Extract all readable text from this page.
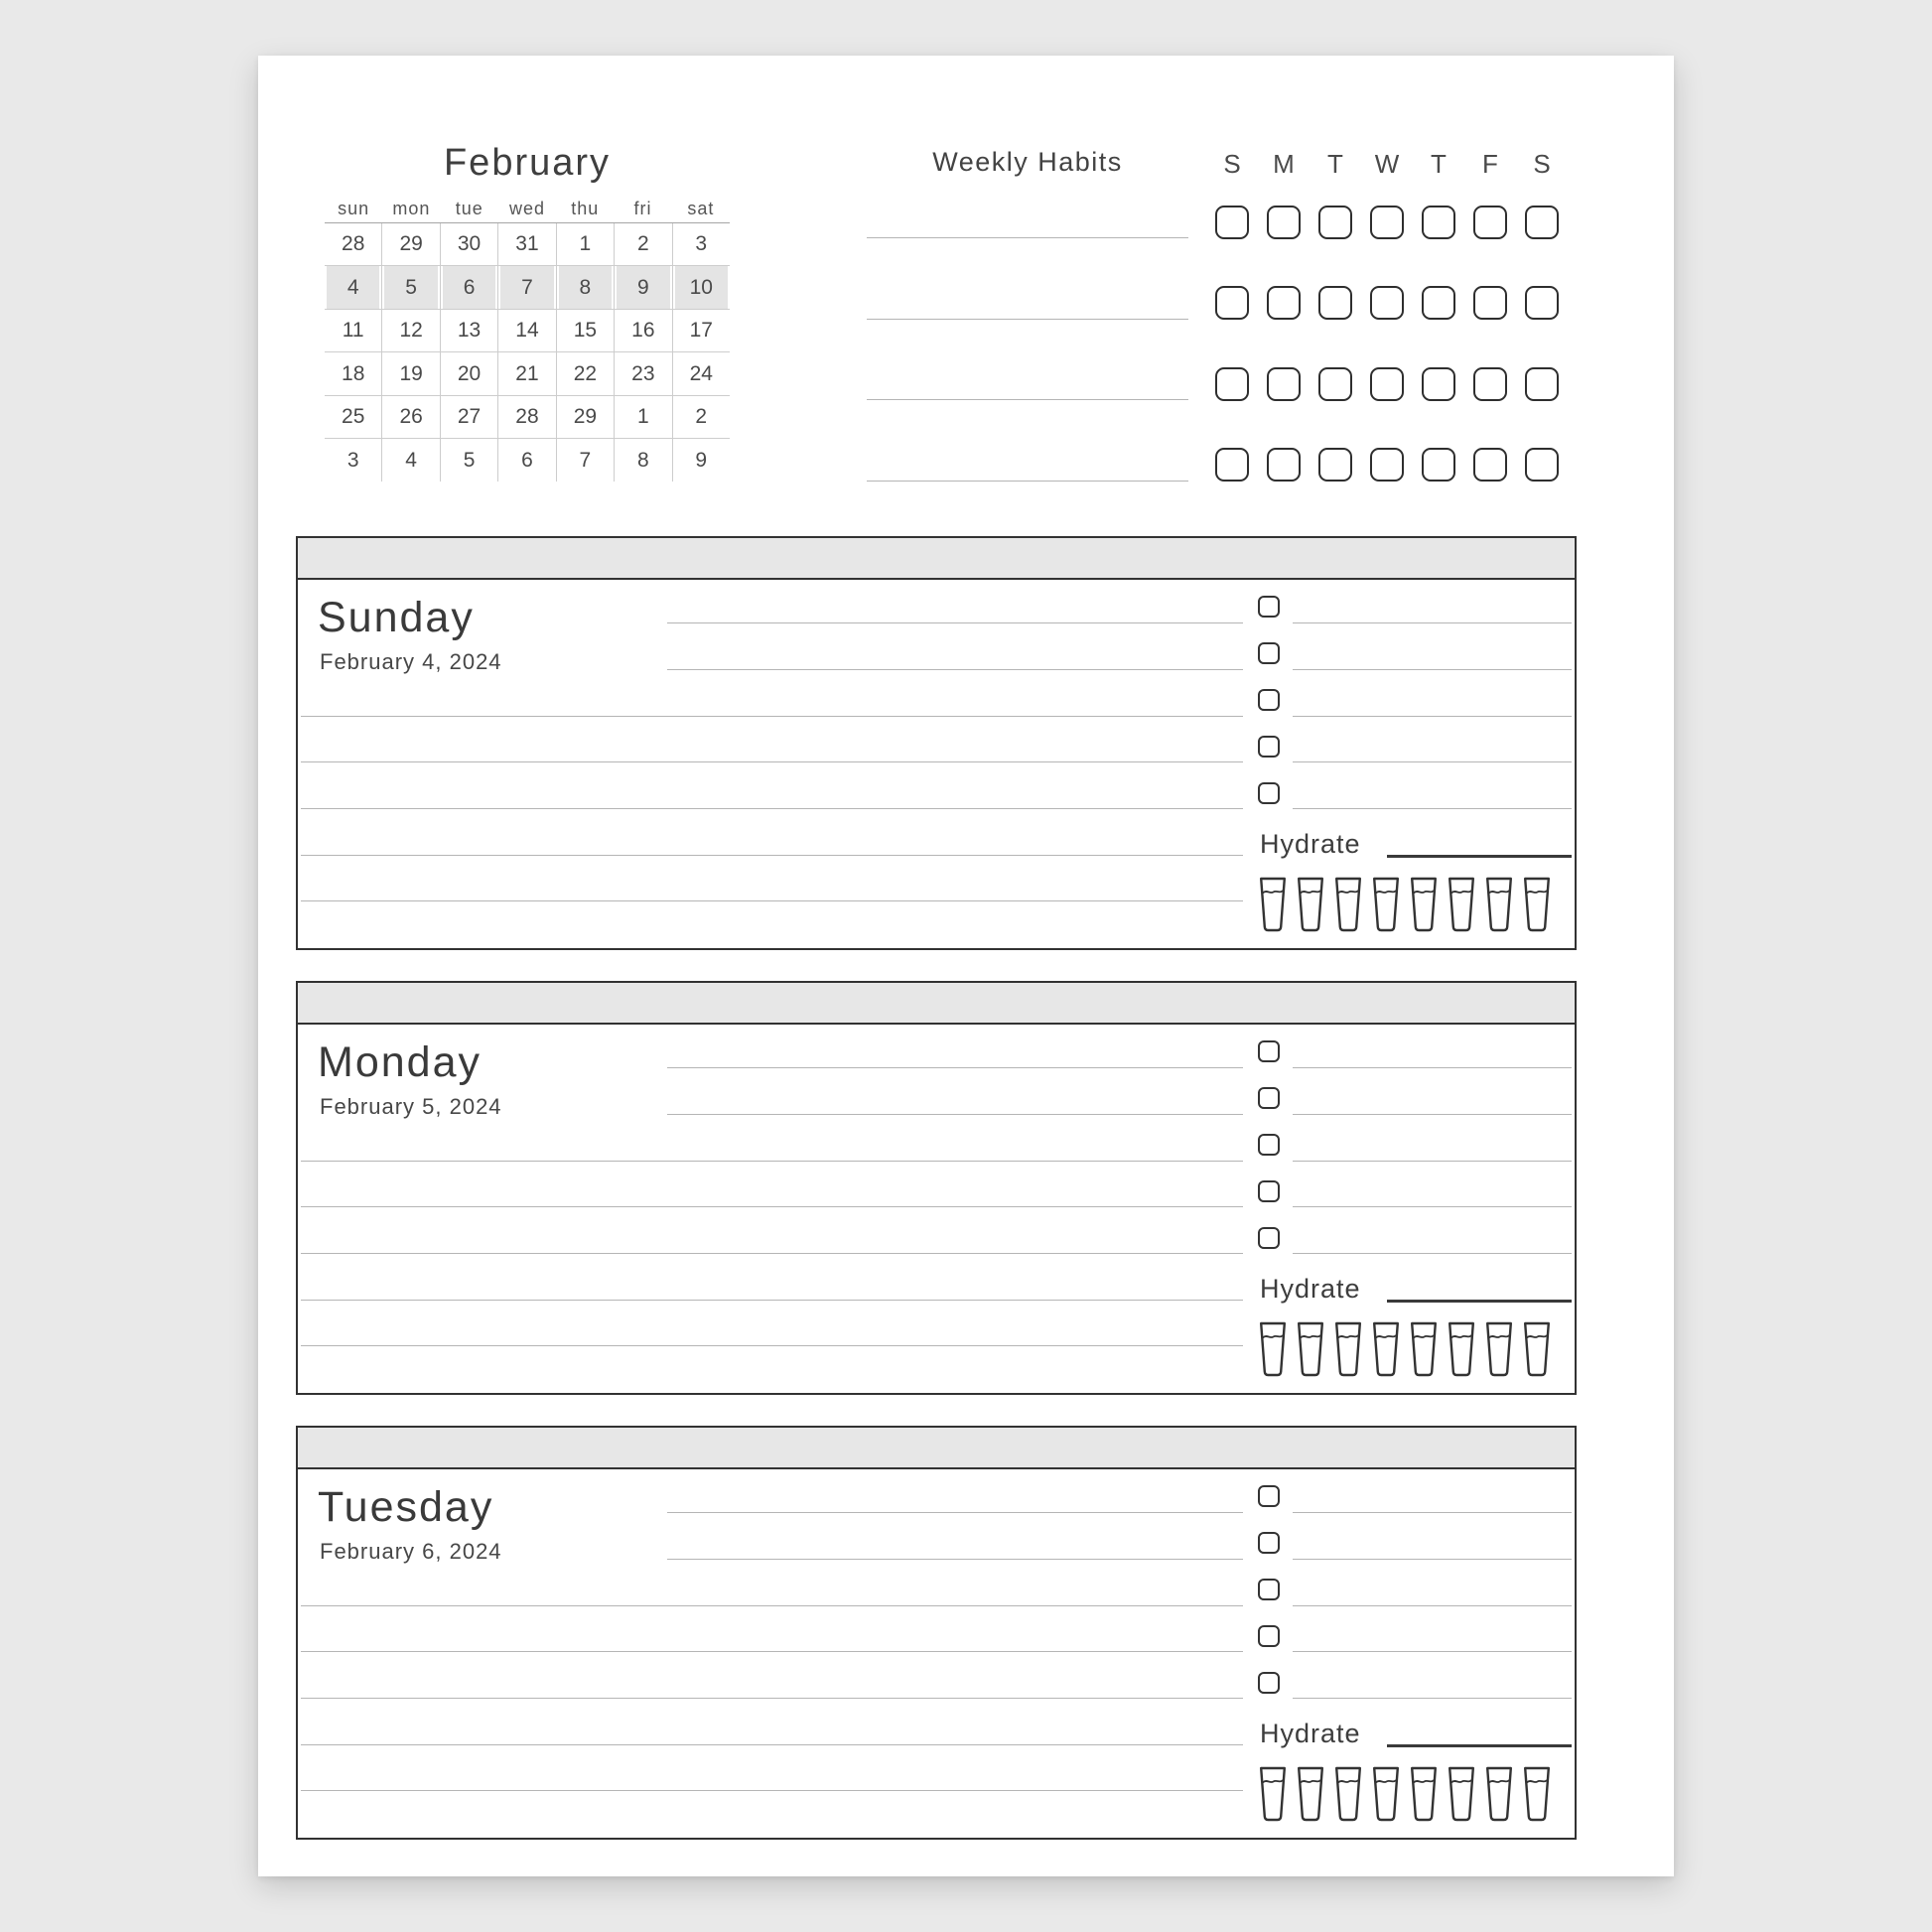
February
sun	mon	tue	wed	thu	fri	sat
28	29	30	31	1	2	3
4	5	6	7	8	9	10
11	12	13	14	15	16	17
18	19	20	21	22	23	24
25	26	27	28	29	1	2
3	4	5	6	7	8	9
Weekly Habits	S	M	T	W	T	F	S
Sunday
February 4, 2024
Hydrate
Monday
February 5, 2024
Hydrate
Tuesday
February 6, 2024
Hydrate
